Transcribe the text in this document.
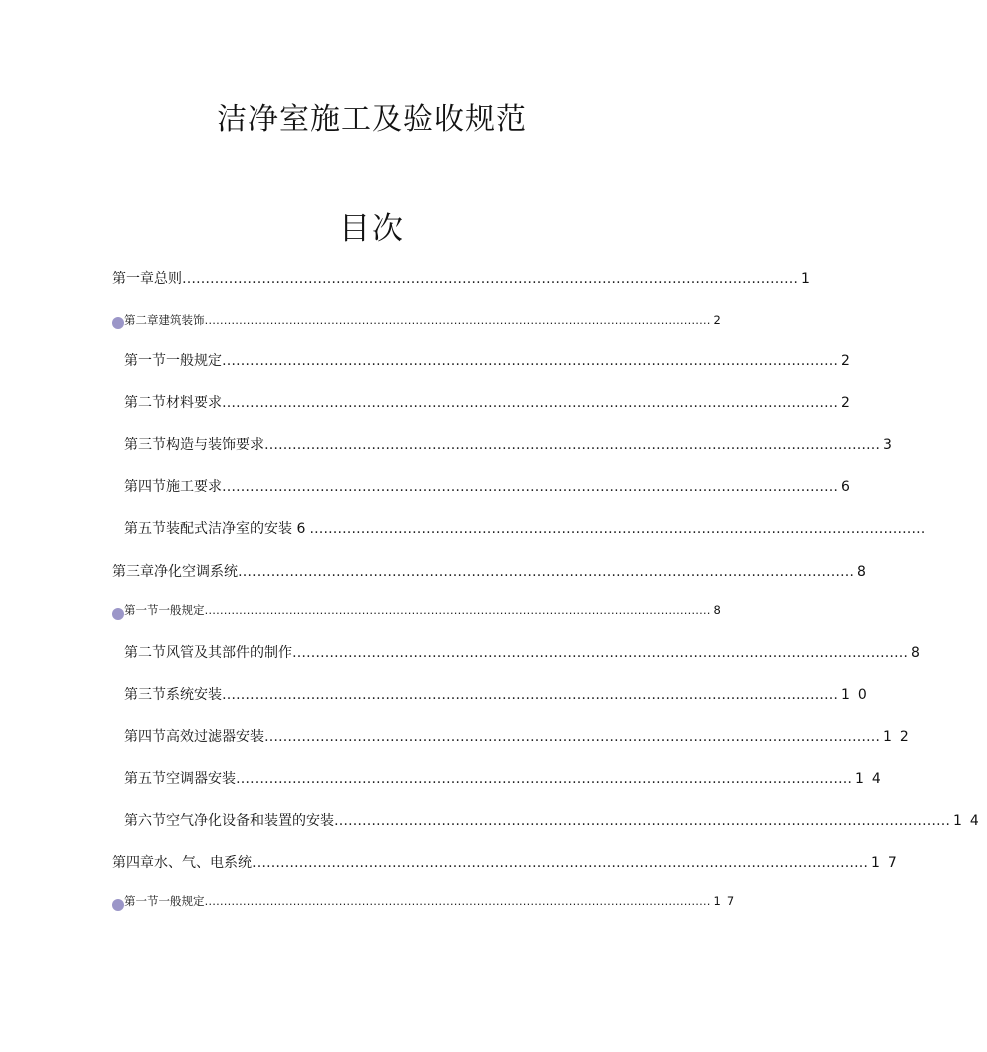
洁净室施工及验收规范
目次
第一章总则 …………………………………………………………………………………………………………………… 1
第二章建筑装饰 …………………………………………………………………………………………………………………… 2
第一节一般规定 …………………………………………………………………………………………………………………… 2
第二节材料要求 …………………………………………………………………………………………………………………… 2
第三节构造与装饰要求 …………………………………………………………………………………………………………………… 3
第四节施工要求 …………………………………………………………………………………………………………………… 6
第五节装配式洁净室的安装 6 ……………………………………………………………………………………………………………………
第三章净化空调系统 …………………………………………………………………………………………………………………… 8
第一节一般规定 …………………………………………………………………………………………………………………… 8
第二节风管及其部件的制作 …………………………………………………………………………………………………………………… 8
第三节系统安装 …………………………………………………………………………………………………………………… 10
第四节高效过滤器安装 …………………………………………………………………………………………………………………… 12
第五节空调器安装 …………………………………………………………………………………………………………………… 14
第六节空气净化设备和装置的安装 …………………………………………………………………………………………………………………… 14
第四章水、气、电系统 …………………………………………………………………………………………………………………… 17
第一节一般规定 …………………………………………………………………………………………………………………… 17
